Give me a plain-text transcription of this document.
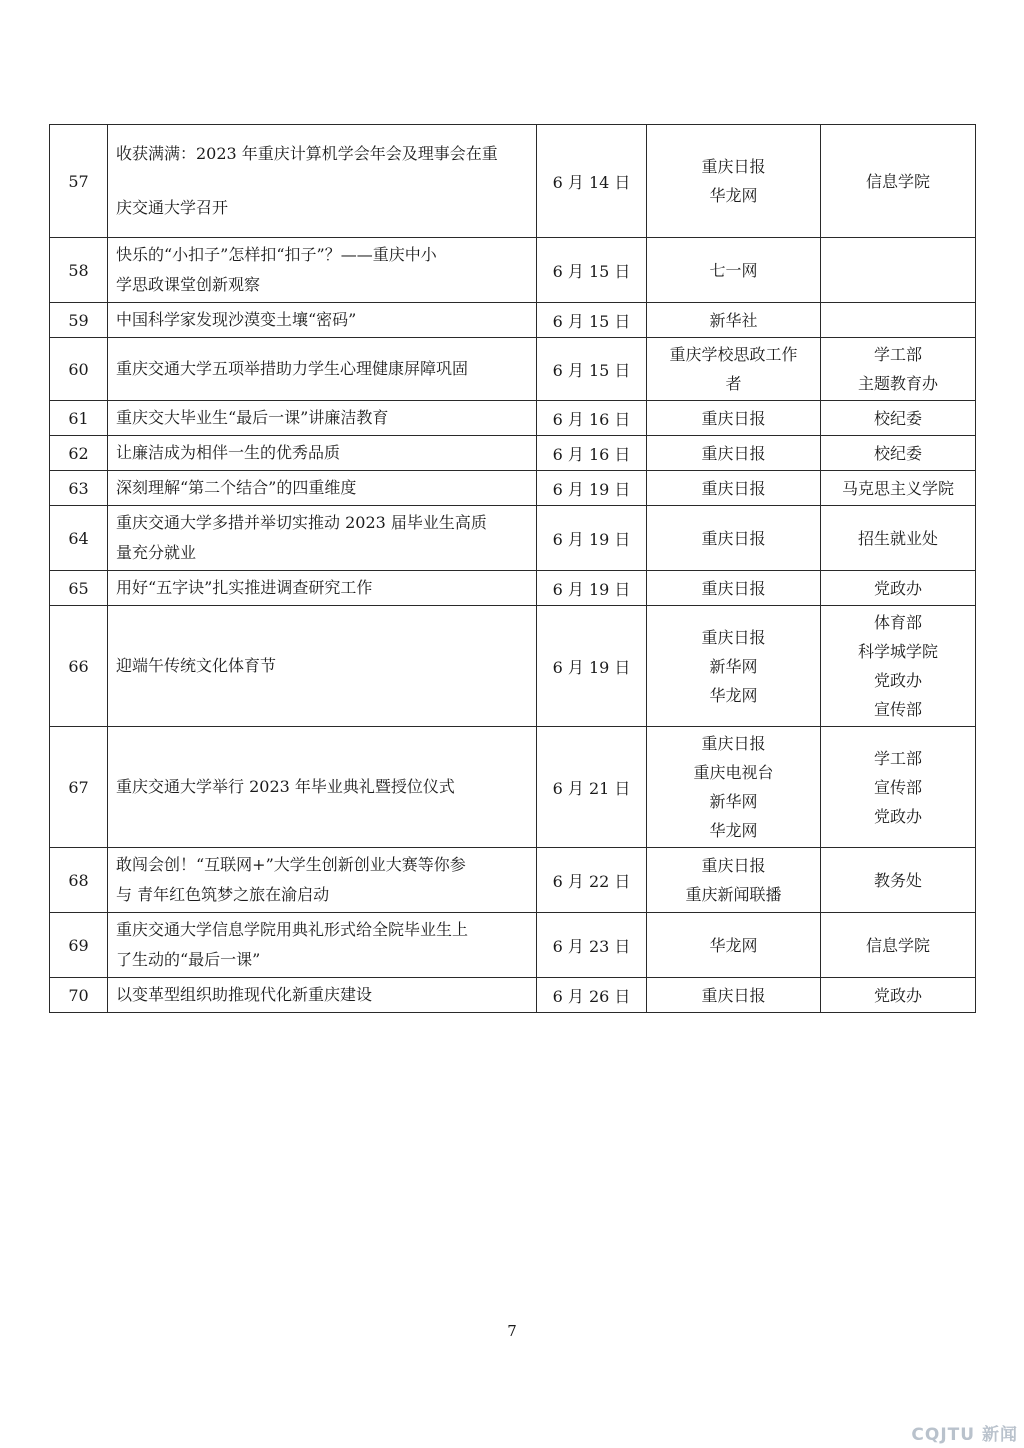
57	收获满满：2023 年重庆计算机学会年会及理事会在重
庆交通大学召开	6 月 14 日	重庆日报
华龙网	信息学院

58	快乐的“小扣子”怎样扣“扣子”？——重庆中小
学思政课堂创新观察	6 月 15 日	七一网	

59	中国科学家发现沙漠变土壤“密码”	6 月 15 日	新华社	

60	重庆交通大学五项举措助力学生心理健康屏障巩固	6 月 15 日	重庆学校思政工作
者	学工部
主题教育办

61	重庆交大毕业生“最后一课”讲廉洁教育	6 月 16 日	重庆日报	校纪委

62	让廉洁成为相伴一生的优秀品质	6 月 16 日	重庆日报	校纪委

63	深刻理解“第二个结合”的四重维度	6 月 19 日	重庆日报	马克思主义学院

64	重庆交通大学多措并举切实推动 2023 届毕业生高质
量充分就业	6 月 19 日	重庆日报	招生就业处

65	用好“五字诀”扎实推进调查研究工作	6 月 19 日	重庆日报	党政办

66	迎端午传统文化体育节	6 月 19 日	重庆日报
新华网
华龙网	体育部
科学城学院
党政办
宣传部

67	重庆交通大学举行 2023 年毕业典礼暨授位仪式	6 月 21 日	重庆日报
重庆电视台
新华网
华龙网	学工部
宣传部
党政办

68	敢闯会创！“互联网+”大学生创新创业大赛等你参
与 青年红色筑梦之旅在渝启动	6 月 22 日	重庆日报
重庆新闻联播	教务处

69	重庆交通大学信息学院用典礼形式给全院毕业生上
了生动的“最后一课”	6 月 23 日	华龙网	信息学院

70	以变革型组织助推现代化新重庆建设	6 月 26 日	重庆日报	党政办
7
CQJTU 新闻
